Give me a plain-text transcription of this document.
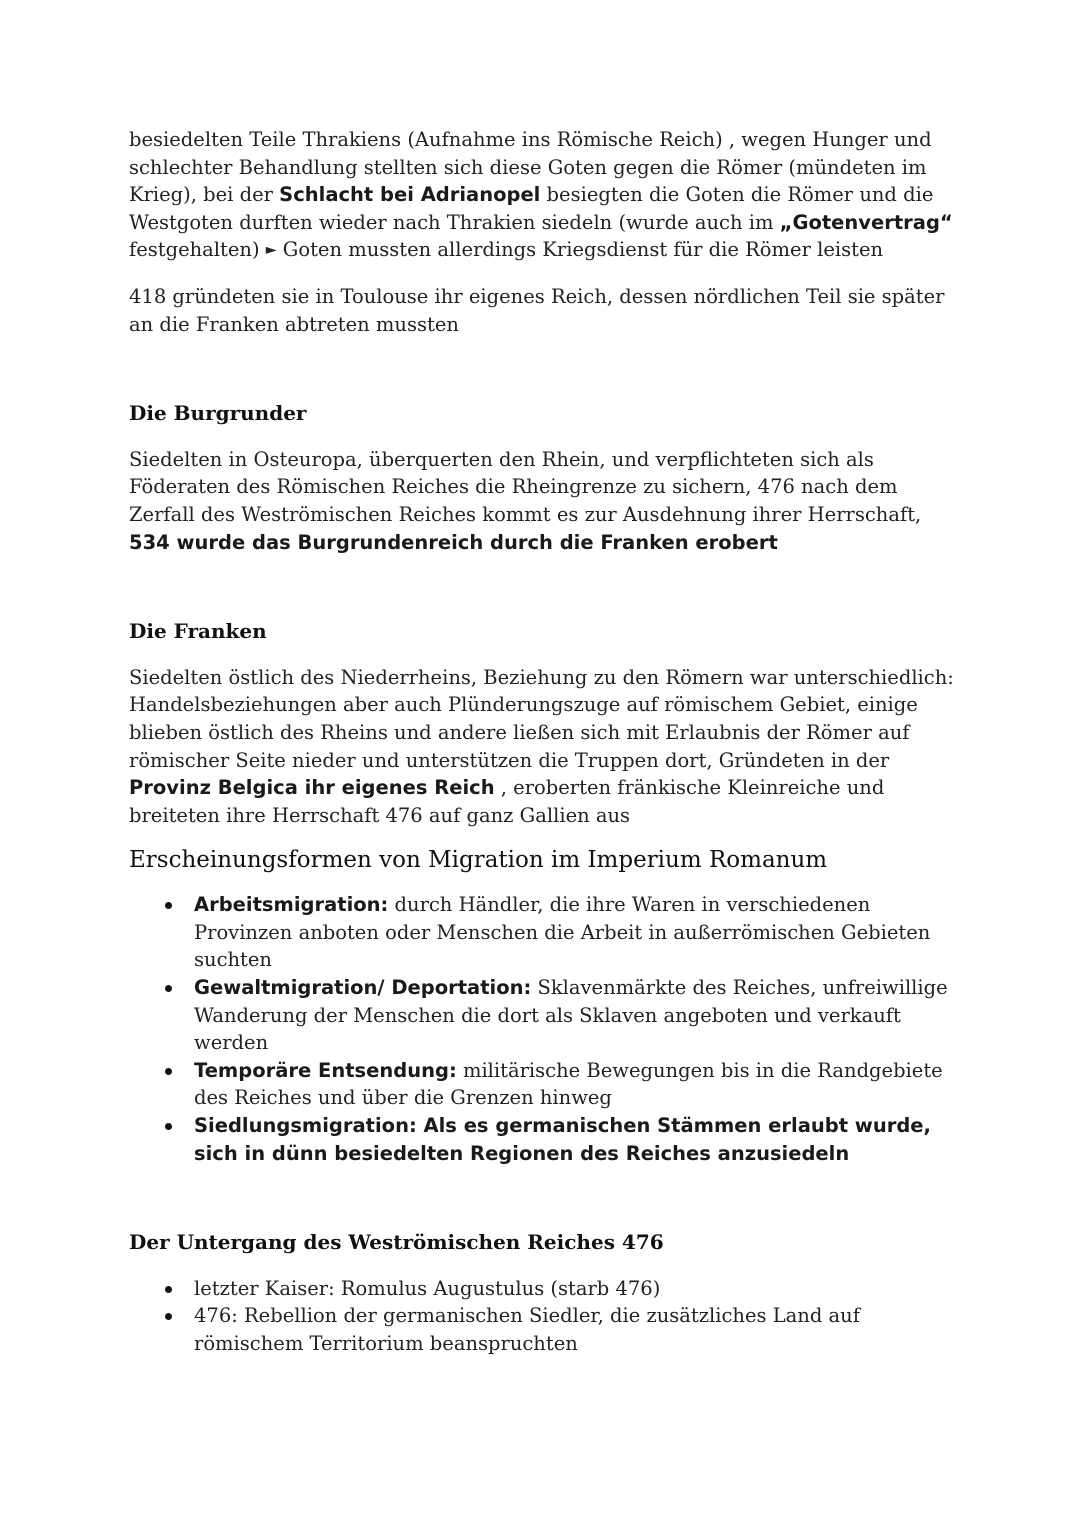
besiedelten Teile Thrakiens (Aufnahme ins Römische Reich) , wegen Hunger und schlechter Behandlung stellten sich diese Goten gegen die Römer (mündeten im Krieg), bei der Schlacht bei Adrianopel besiegten die Goten die Römer und die Westgoten durften wieder nach Thrakien siedeln (wurde auch im „Gotenvertrag“ festgehalten) ► Goten mussten allerdings Kriegsdienst für die Römer leisten

418 gründeten sie in Toulouse ihr eigenes Reich, dessen nördlichen Teil sie später an die Franken abtreten mussten

Die Burgrunder

Siedelten in Osteuropa, überquerten den Rhein, und verpflichteten sich als Föderaten des Römischen Reiches die Rheingrenze zu sichern, 476 nach dem Zerfall des Weströmischen Reiches kommt es zur Ausdehnung ihrer Herrschaft, 534 wurde das Burgrundenreich durch die Franken erobert

Die Franken

Siedelten östlich des Niederrheins, Beziehung zu den Römern war unterschiedlich: Handelsbeziehungen aber auch Plünderungszuge auf römischem Gebiet, einige blieben östlich des Rheins und andere ließen sich mit Erlaubnis der Römer auf römischer Seite nieder und unterstützen die Truppen dort, Gründeten in der Provinz Belgica ihr eigenes Reich , eroberten fränkische Kleinreiche und breiteten ihre Herrschaft 476 auf ganz Gallien aus

Erscheinungsformen von Migration im Imperium Romanum

Arbeitsmigration: durch Händler, die ihre Waren in verschiedenen Provinzen anboten oder Menschen die Arbeit in außerrömischen Gebieten suchten
Gewaltmigration/ Deportation: Sklavenmärkte des Reiches, unfreiwillige Wanderung der Menschen die dort als Sklaven angeboten und verkauft werden
Temporäre Entsendung: militärische Bewegungen bis in die Randgebiete des Reiches und über die Grenzen hinweg
Siedlungsmigration: Als es germanischen Stämmen erlaubt wurde, sich in dünn besiedelten Regionen des Reiches anzusiedeln

Der Untergang des Weströmischen Reiches 476

letzter Kaiser: Romulus Augustulus (starb 476)
476: Rebellion der germanischen Siedler, die zusätzliches Land auf römischem Territorium beanspruchten
